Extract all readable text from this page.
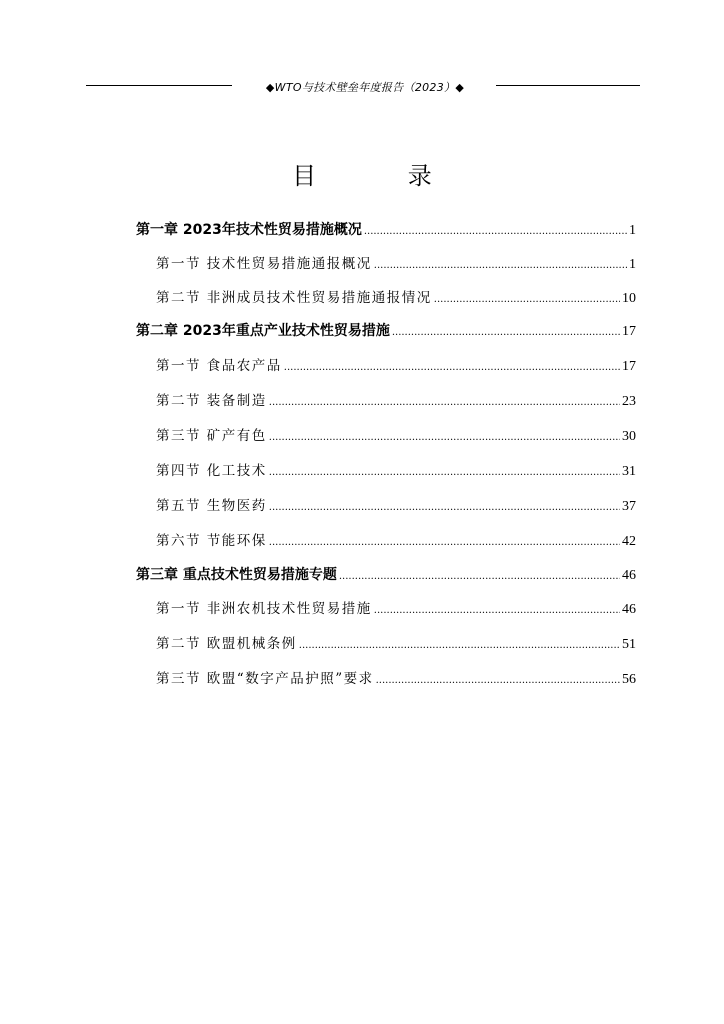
◆WTO与技术壁垒年度报告（2023）◆
目 录
第一章 2023年技术性贸易措施概况 .....	1
第一节 技术性贸易措施通报概况 .....	1
第二节 非洲成员技术性贸易措施通报情况 .....	10
第二章 2023年重点产业技术性贸易措施 .....	17
第一节 食品农产品 .....	17
第二节 装备制造 .....	23
第三节 矿产有色 .....	30
第四节 化工技术 .....	31
第五节 生物医药 .....	37
第六节 节能环保 .....	42
第三章 重点技术性贸易措施专题 .....	46
第一节 非洲农机技术性贸易措施 .....	46
第二节 欧盟机械条例 .....	51
第三节 欧盟“数字产品护照”要求 .....	56
